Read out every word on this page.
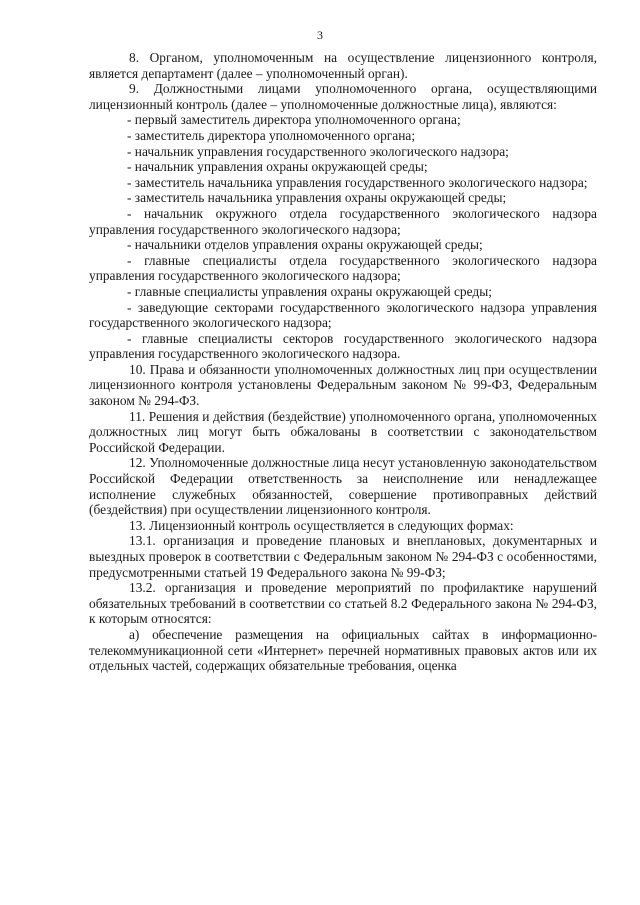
3

8. Органом, уполномоченным на осуществление лицензионного контроля, является департамент (далее – уполномоченный орган).

9. Должностными лицами уполномоченного органа, осуществляющими лицензионный контроль (далее – уполномоченные должностные лица), являются:

- первый заместитель директора уполномоченного органа;

- заместитель директора уполномоченного органа;

- начальник управления государственного экологического надзора;

- начальник управления охраны окружающей среды;

- заместитель начальника управления государственного экологического надзора;

- заместитель начальника управления охраны окружающей среды;

- начальник окружного отдела государственного экологического надзора управления государственного экологического надзора;

- начальники отделов управления охраны окружающей среды;

- главные специалисты отдела государственного экологического надзора управления государственного экологического надзора;

- главные специалисты управления охраны окружающей среды;

- заведующие секторами государственного экологического надзора управления государственного экологического надзора;

- главные специалисты секторов государственного экологического надзора управления государственного экологического надзора.

10. Права и обязанности уполномоченных должностных лиц при осуществлении лицензионного контроля установлены Федеральным законом № 99-ФЗ, Федеральным законом № 294-ФЗ.

11. Решения и действия (бездействие) уполномоченного органа, уполномоченных должностных лиц могут быть обжалованы в соответствии с законодательством Российской Федерации.

12. Уполномоченные должностные лица несут установленную законодательством Российской Федерации ответственность за неисполнение или ненадлежащее исполнение служебных обязанностей, совершение противоправных действий (бездействия) при осуществлении лицензионного контроля.

13. Лицензионный контроль осуществляется в следующих формах:

13.1. организация и проведение плановых и внеплановых, документарных и выездных проверок в соответствии с Федеральным законом № 294-ФЗ с особенностями, предусмотренными статьей 19 Федерального закона № 99-ФЗ;

13.2. организация и проведение мероприятий по профилактике нарушений обязательных требований в соответствии со статьей 8.2 Федерального закона № 294-ФЗ, к которым относятся:

а) обеспечение размещения на официальных сайтах в информационно-телекоммуникационной сети «Интернет» перечней нормативных правовых актов или их отдельных частей, содержащих обязательные требования, оценка
